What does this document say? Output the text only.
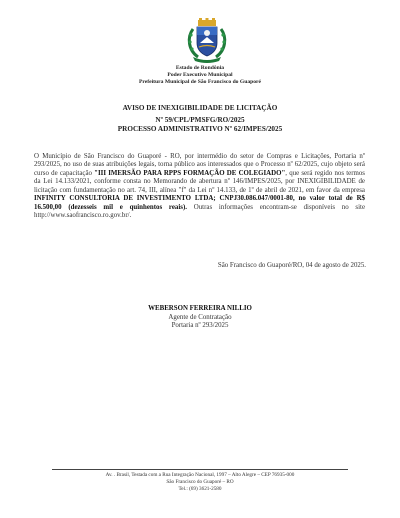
Estado de Rondônia
Poder Executivo Municipal
Prefeitura Municipal de São Francisco do Guaporé
AVISO DE INEXIGIBILIDADE DE LICITAÇÃO
Nº 59/CPL/PMSFG/RO/2025
PROCESSO ADMINISTRATIVO Nº 62/IMPES/2025
O Município de São Francisco do Guaporé - RO, por intermédio do setor de Compras e Licitações, Portaria nº 293/2025, no uso de suas atribuições legais, torna público aos interessados que o Processo nº 62/2025, cujo objeto será curso de capacitação "III IMERSÃO PARA RPPS FORMAÇÃO DE COLEGIADO", que será regido nos termos da Lei 14.133/2021, conforme consta no Memorando de abertura nº 146/IMPES/2025, por INEXIGIBILIDADE de licitação com fundamentação no art. 74, III, alínea "f" da Lei nº 14.133, de 1º de abril de 2021, em favor da empresa INFINITY CONSULTORIA DE INVESTIMENTO LTDA; CNPJ30.086.047/0001-80, no valor total de R$ 16.500,00 (dezesseis mil e quinhentos reais). Outras informações encontram-se disponíveis no site http://www.saofrancisco.ro.gov.br/.
São Francisco do Guaporé/RO, 04 de agosto de 2025.
WEBERSON FERREIRA NILLIO
Agente de Contratação
Portaria nº 293/2025
Av. . Brasil, Testada com a Rua Integração Nacional, 1997 – Alto Alegre – CEP 76935-000
São Francisco do Guaporé – RO
Tel.: (69) 3621-2580
